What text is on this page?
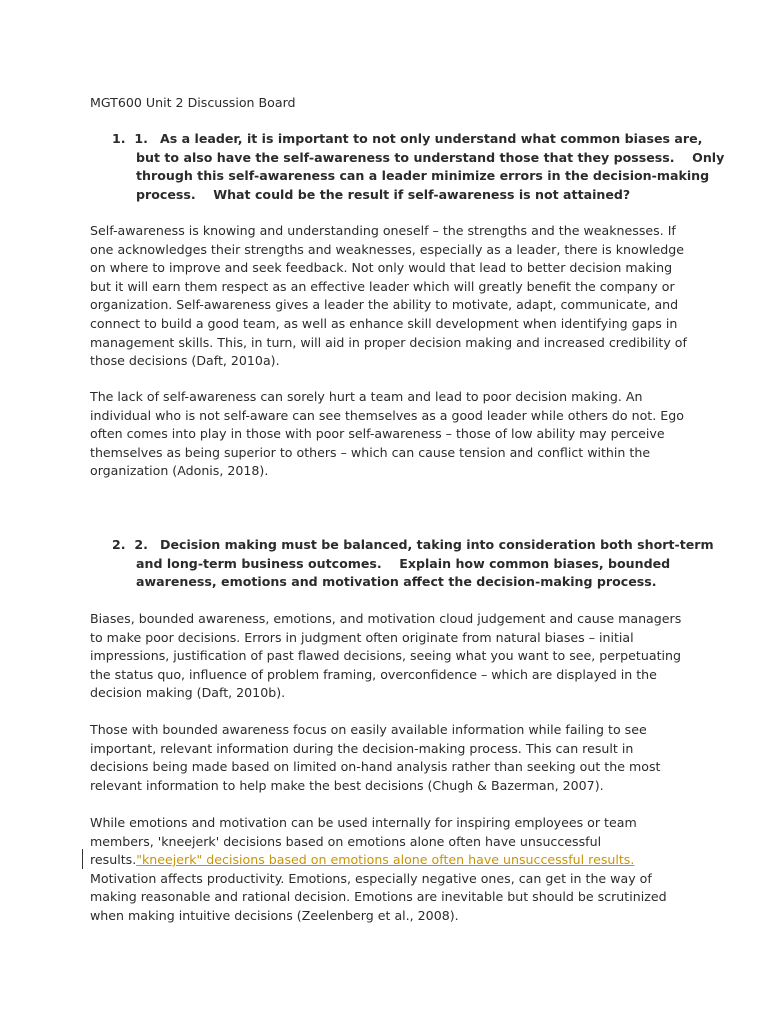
MGT600 Unit 2 Discussion Board
1. 1. As a leader, it is important to not only understand what common biases are,
but to also have the self-awareness to understand those that they possess.    Only
through this self-awareness can a leader minimize errors in the decision-making
process.    What could be the result if self-awareness is not attained?
Self-awareness is knowing and understanding oneself – the strengths and the weaknesses. If
one acknowledges their strengths and weaknesses, especially as a leader, there is knowledge
on where to improve and seek feedback. Not only would that lead to better decision making
but it will earn them respect as an effective leader which will greatly benefit the company or
organization. Self-awareness gives a leader the ability to motivate, adapt, communicate, and
connect to build a good team, as well as enhance skill development when identifying gaps in
management skills. This, in turn, will aid in proper decision making and increased credibility of
those decisions (Daft, 2010a).
The lack of self-awareness can sorely hurt a team and lead to poor decision making. An
individual who is not self-aware can see themselves as a good leader while others do not. Ego
often comes into play in those with poor self-awareness – those of low ability may perceive
themselves as being superior to others – which can cause tension and conflict within the
organization (Adonis, 2018).
2. 2. Decision making must be balanced, taking into consideration both short-term
and long-term business outcomes.    Explain how common biases, bounded
awareness, emotions and motivation affect the decision-making process.
Biases, bounded awareness, emotions, and motivation cloud judgement and cause managers
to make poor decisions. Errors in judgment often originate from natural biases – initial
impressions, justification of past flawed decisions, seeing what you want to see, perpetuating
the status quo, influence of problem framing, overconfidence – which are displayed in the
decision making (Daft, 2010b).
Those with bounded awareness focus on easily available information while failing to see
important, relevant information during the decision-making process. This can result in
decisions being made based on limited on-hand analysis rather than seeking out the most
relevant information to help make the best decisions (Chugh & Bazerman, 2007).
While emotions and motivation can be used internally for inspiring employees or team
members, 'kneejerk' decisions based on emotions alone often have unsuccessful
results."kneejerk" decisions based on emotions alone often have unsuccessful results.
Motivation affects productivity. Emotions, especially negative ones, can get in the way of
making reasonable and rational decision. Emotions are inevitable but should be scrutinized
when making intuitive decisions (Zeelenberg et al., 2008).
